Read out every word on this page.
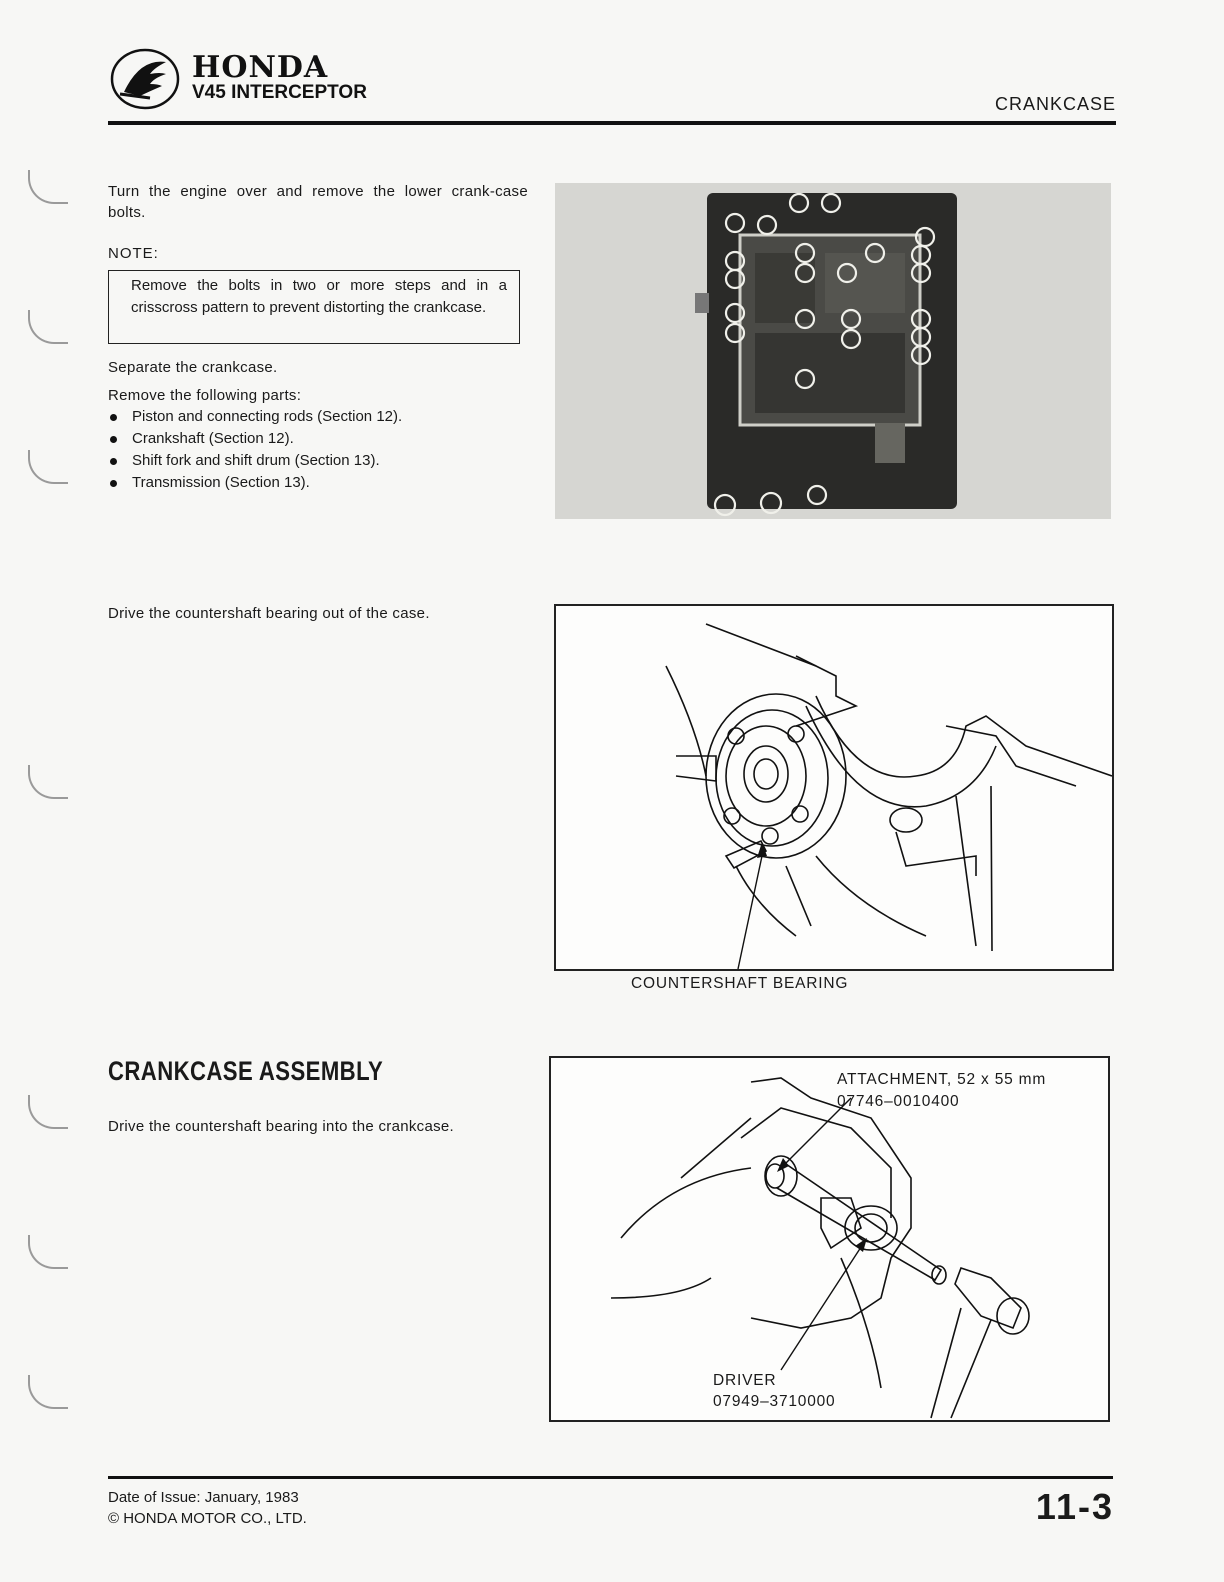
HONDA
V45 INTERCEPTOR
CRANKCASE
Turn the engine over and remove the lower crank-case bolts.
NOTE:
Remove the bolts in two or more steps and in a crisscross pattern to prevent distorting the crankcase.
Separate the crankcase.
Remove the following parts:
Piston and connecting rods (Section 12).
Crankshaft (Section 12).
Shift fork and shift drum (Section 13).
Transmission (Section 13).
Drive the countershaft bearing out of the case.
COUNTERSHAFT BEARING
CRANKCASE ASSEMBLY
Drive the countershaft bearing into the crankcase.
ATTACHMENT, 52 x 55 mm
07746–0010400
DRIVER
07949–3710000
Date of Issue: January, 1983
© HONDA MOTOR CO., LTD.	11-3
